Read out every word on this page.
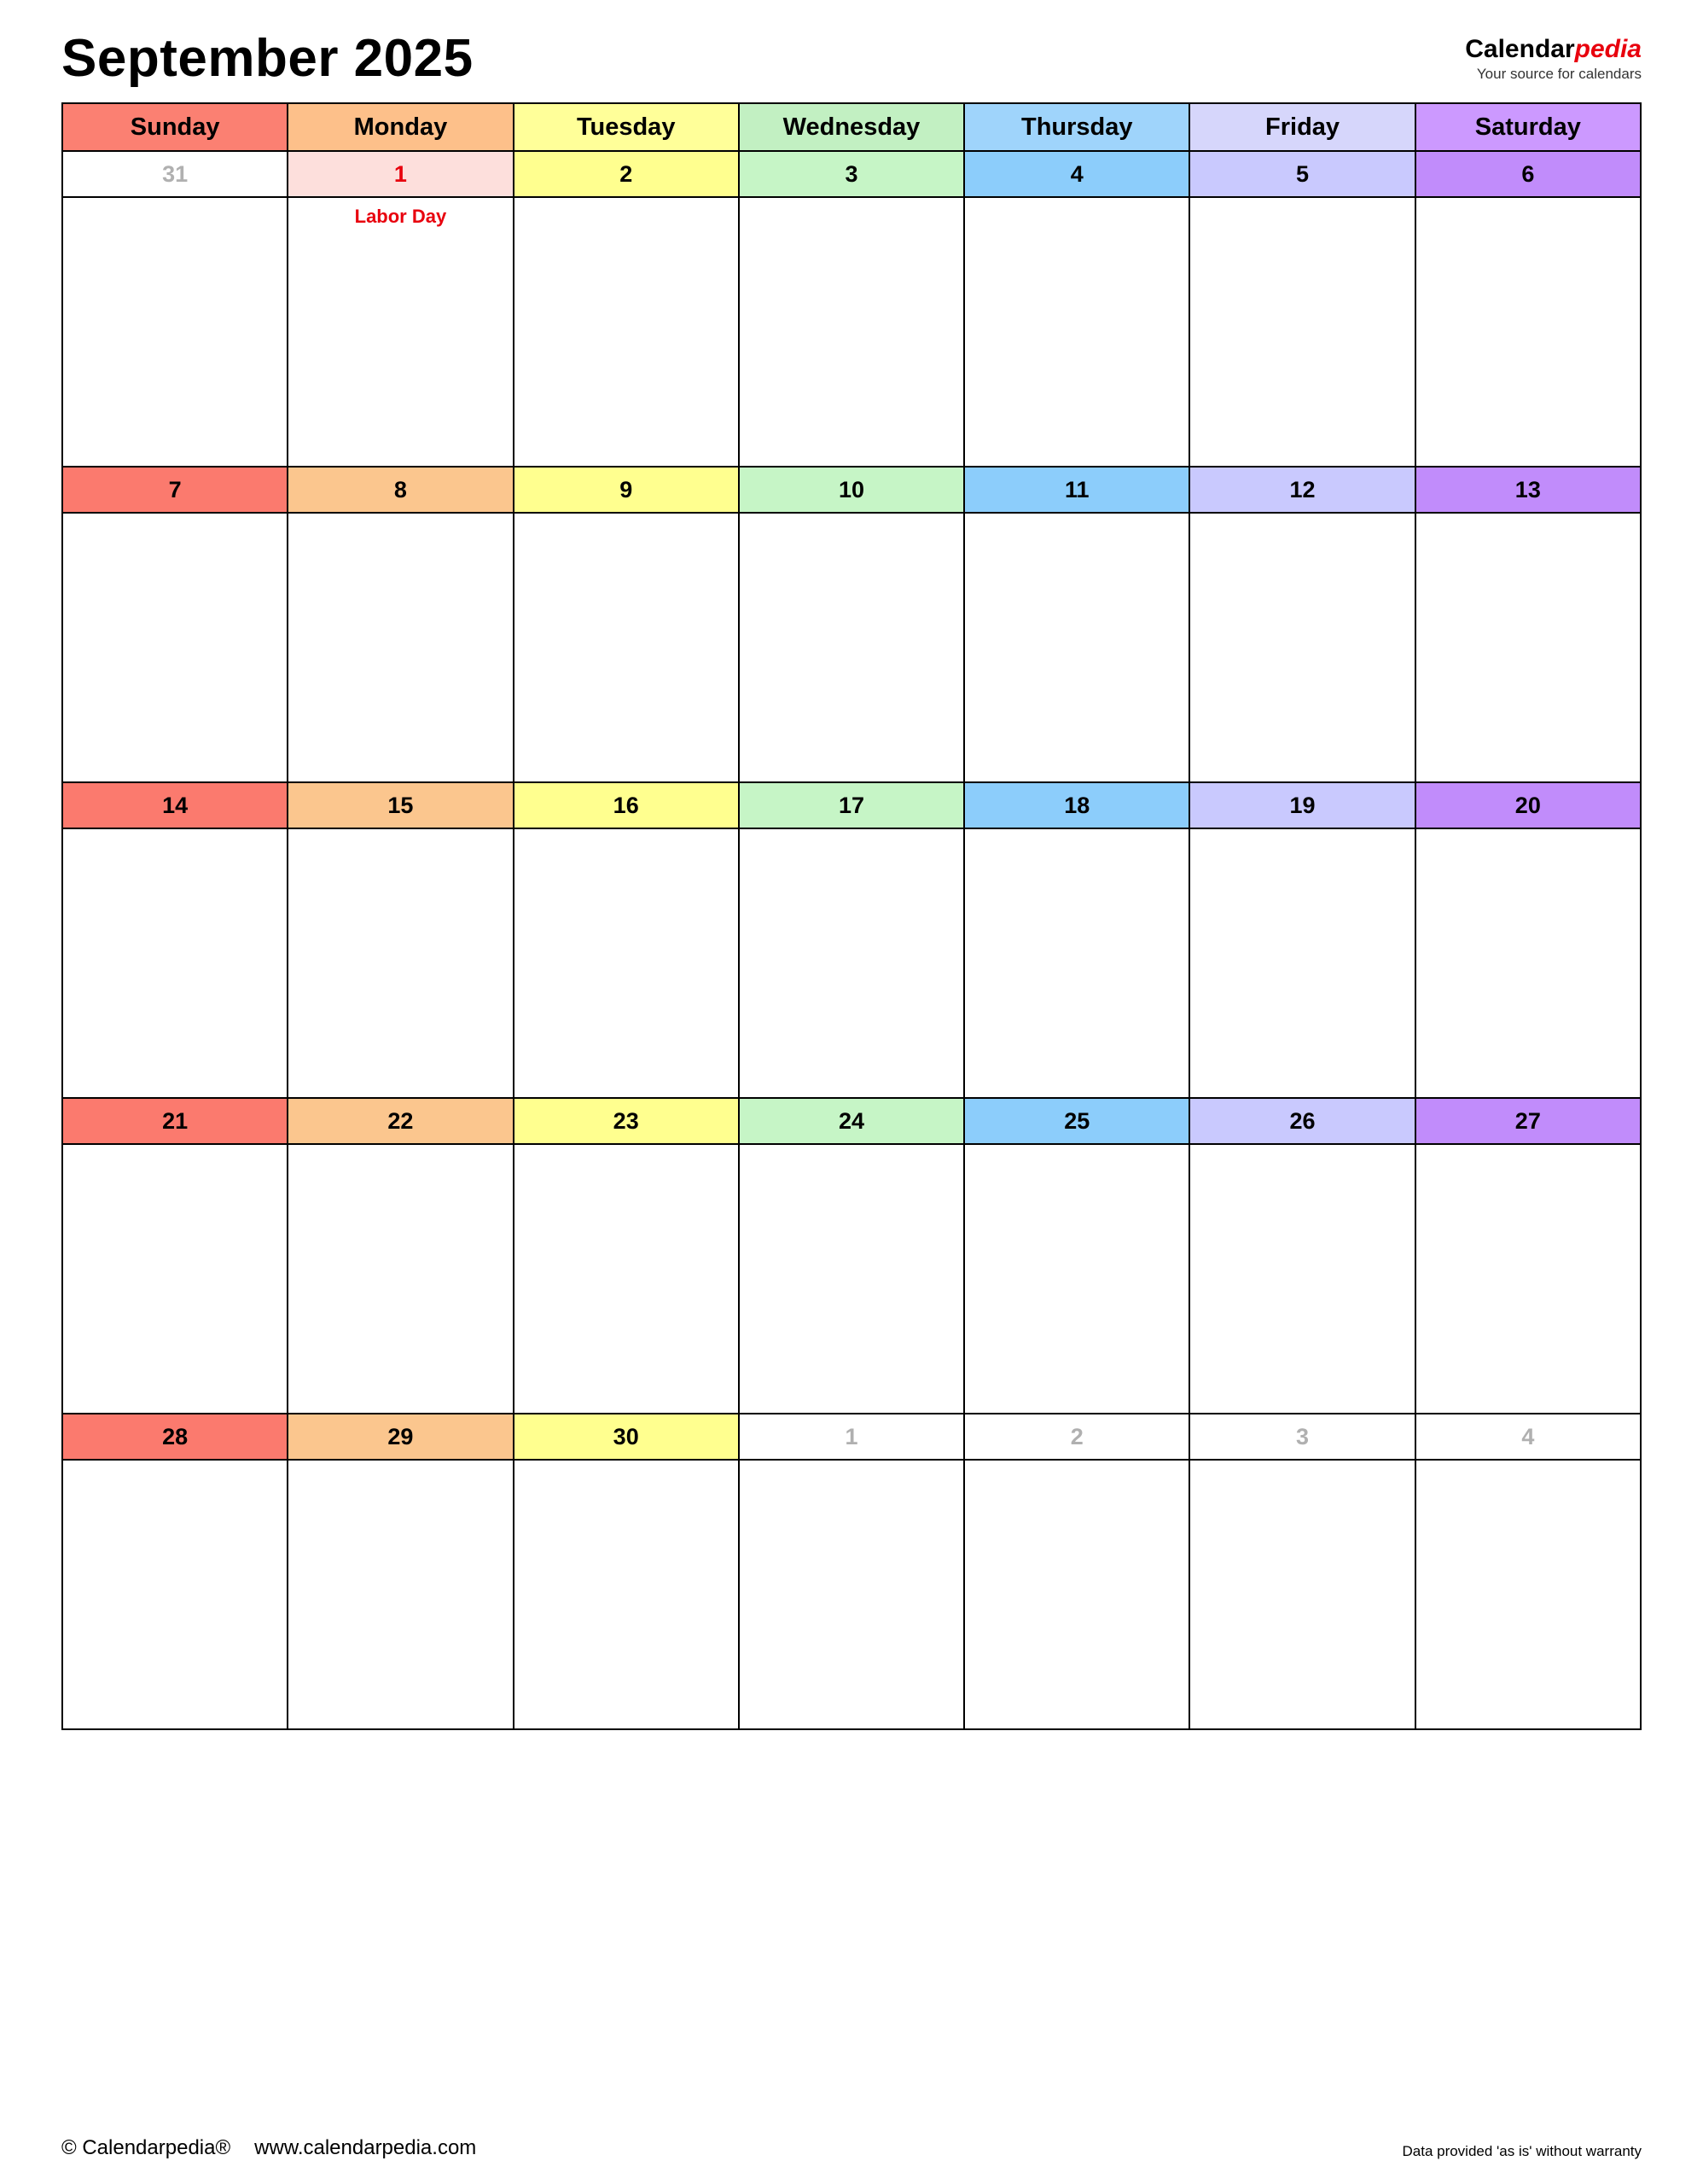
September 2025	Calendarpedia
Your source for calendars
Sunday	Monday	Tuesday	Wednesday	Thursday	Friday	Saturday
31	1	2	3	4	5	6
Labor Day
7	8	9	10	11	12	13
14	15	16	17	18	19	20
21	22	23	24	25	26	27
28	29	30	1	2	3	4
© Calendarpedia® www.calendarpedia.com	Data provided 'as is' without warranty
